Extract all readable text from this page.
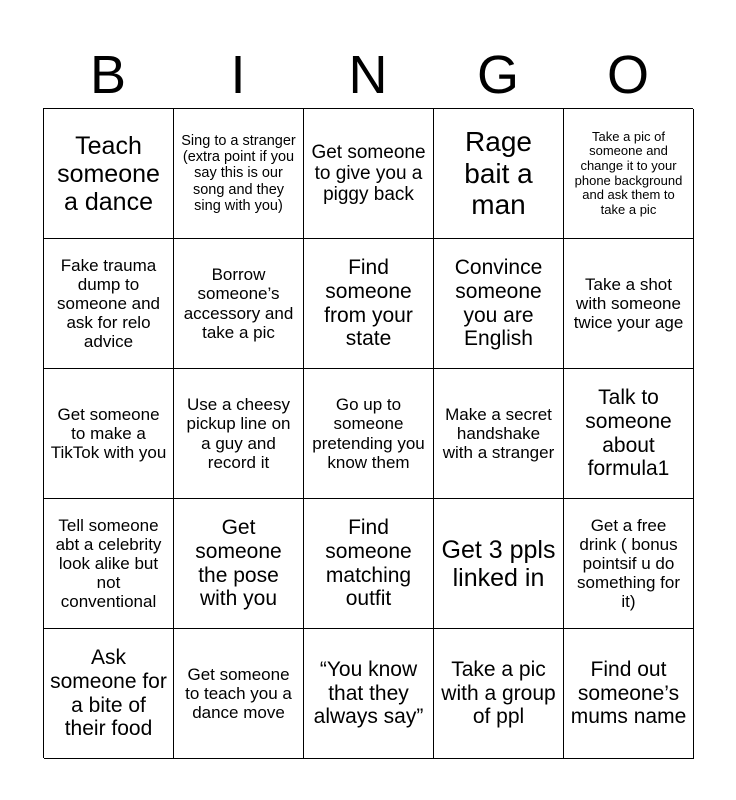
B	I	N	G	O
Teach someone a dance
Sing to a stranger (extra point if you say this is our song and they sing with you)
Get someone to give you a piggy back
Rage bait a man
Take a pic of someone and change it to your phone background and ask them to take a pic
Fake trauma dump to someone and ask for relo advice
Borrow someone’s accessory and take a pic
Find someone from your state
Convince someone you are English
Take a shot with someone twice your age
Get someone to make a TikTok with you
Use a cheesy pickup line on a guy and record it
Go up to someone pretending you know them
Make a secret handshake with a stranger
Talk to someone about formula1
Tell someone abt a celebrity look alike but not conventional
Get someone the pose with you
Find someone matching outfit
Get 3 ppls linked in
Get a free drink ( bonus pointsif u do something for it)
Ask someone for a bite of their food
Get someone to teach you a dance move
“You know that they always say”
Take a pic with a group of ppl
Find out someone’s mums name
